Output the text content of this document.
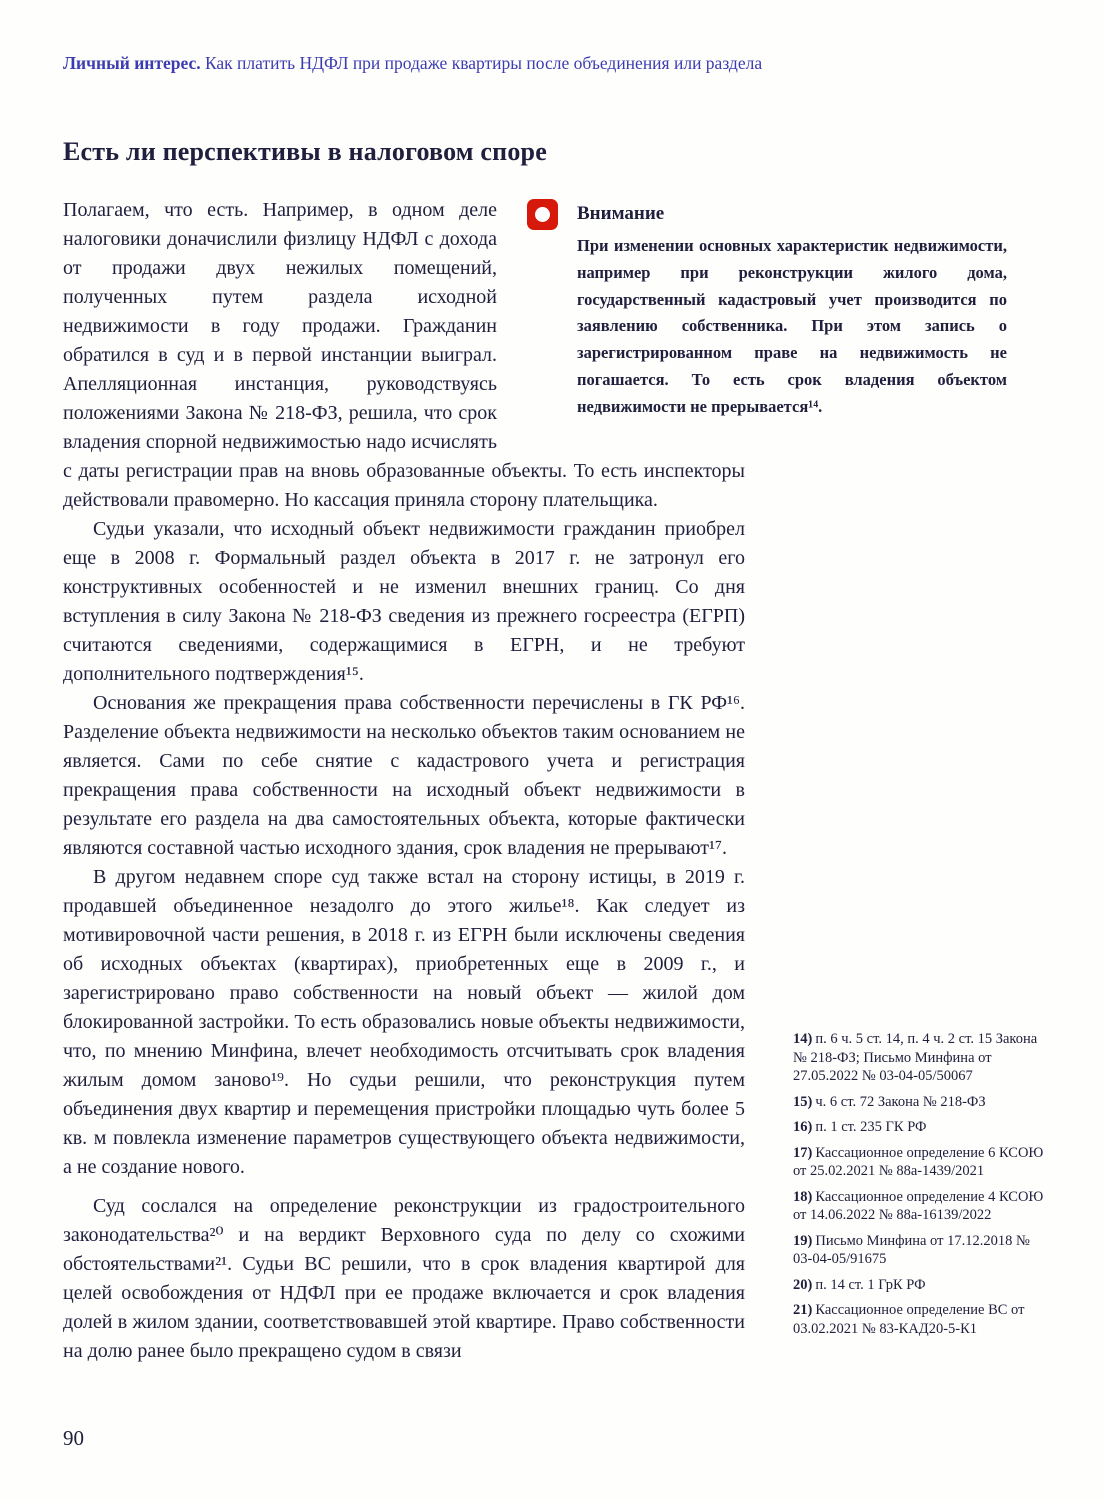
Личный интерес. Как платить НДФЛ при продаже квартиры после объединения или раздела
Есть ли перспективы в налоговом споре
Внимание
При изменении основных характеристик недвижимости, например при реконструкции жилого дома, государственный кадастровый учет производится по заявлению собственника. При этом запись о зарегистрированном праве на недвижимость не погашается. То есть срок владения объектом недвижимости не прерывается¹⁴.

Полагаем, что есть. Например, в одном деле налоговики доначислили физлицу НДФЛ с дохода от продажи двух нежилых помещений, полученных путем раздела исходной недвижимости в году продажи. Гражданин обратился в суд и в первой инстанции выиграл. Апелляционная инстанция, руководствуясь положениями Закона № 218-ФЗ, решила, что срок владения спорной недвижимостью надо исчислять с даты регистрации прав на вновь образованные объекты. То есть инспекторы действовали правомерно. Но кассация приняла сторону плательщика.

Судьи указали, что исходный объект недвижимости гражданин приобрел еще в 2008 г. Формальный раздел объекта в 2017 г. не затронул его конструктивных особенностей и не изменил внешних границ. Со дня вступления в силу Закона № 218-ФЗ сведения из прежнего госреестра (ЕГРП) считаются сведениями, содержащимися в ЕГРН, и не требуют дополнительного подтверждения¹⁵.

Основания же прекращения права собственности перечислены в ГК РФ¹⁶. Разделение объекта недвижимости на несколько объектов таким основанием не является. Сами по себе снятие с кадастрового учета и регистрация прекращения права собственности на исходный объект недвижимости в результате его раздела на два самостоятельных объекта, которые фактически являются составной частью исходного здания, срок владения не прерывают¹⁷.

В другом недавнем споре суд также встал на сторону истицы, в 2019 г. продавшей объединенное незадолго до этого жилье¹⁸. Как следует из мотивировочной части решения, в 2018 г. из ЕГРН были исключены сведения об исходных объектах (квартирах), приобретенных еще в 2009 г., и зарегистрировано право собственности на новый объект — жилой дом блокированной застройки. То есть образовались новые объекты недвижимости, что, по мнению Минфина, влечет необходимость отсчитывать срок владения жилым домом заново¹⁹. Но судьи решили, что реконструкция путем объединения двух квартир и перемещения пристройки площадью чуть более 5 кв. м повлекла изменение параметров существующего объекта недвижимости, а не создание нового.

Суд сослался на определение реконструкции из градостроительного законодательства²⁰ и на вердикт Верховного суда по делу со схожими обстоятельствами²¹. Судьи ВС решили, что в срок владения квартирой для целей освобождения от НДФЛ при ее продаже включается и срок владения долей в жилом здании, соответствовавшей этой квартире. Право собственности на долю ранее было прекращено судом в связи

14) п. 6 ч. 5 ст. 14, п. 4 ч. 2 ст. 15 Закона № 218-ФЗ; Письмо Минфина от 27.05.2022 № 03-04-05/50067
15) ч. 6 ст. 72 Закона № 218-ФЗ
16) п. 1 ст. 235 ГК РФ
17) Кассационное определение 6 КСОЮ от 25.02.2021 № 88а-1439/2021
18) Кассационное определение 4 КСОЮ от 14.06.2022 № 88а-16139/2022
19) Письмо Минфина от 17.12.2018 № 03-04-05/91675
20) п. 14 ст. 1 ГрК РФ
21) Кассационное определение ВС от 03.02.2021 № 83-КАД20-5-К1
90
